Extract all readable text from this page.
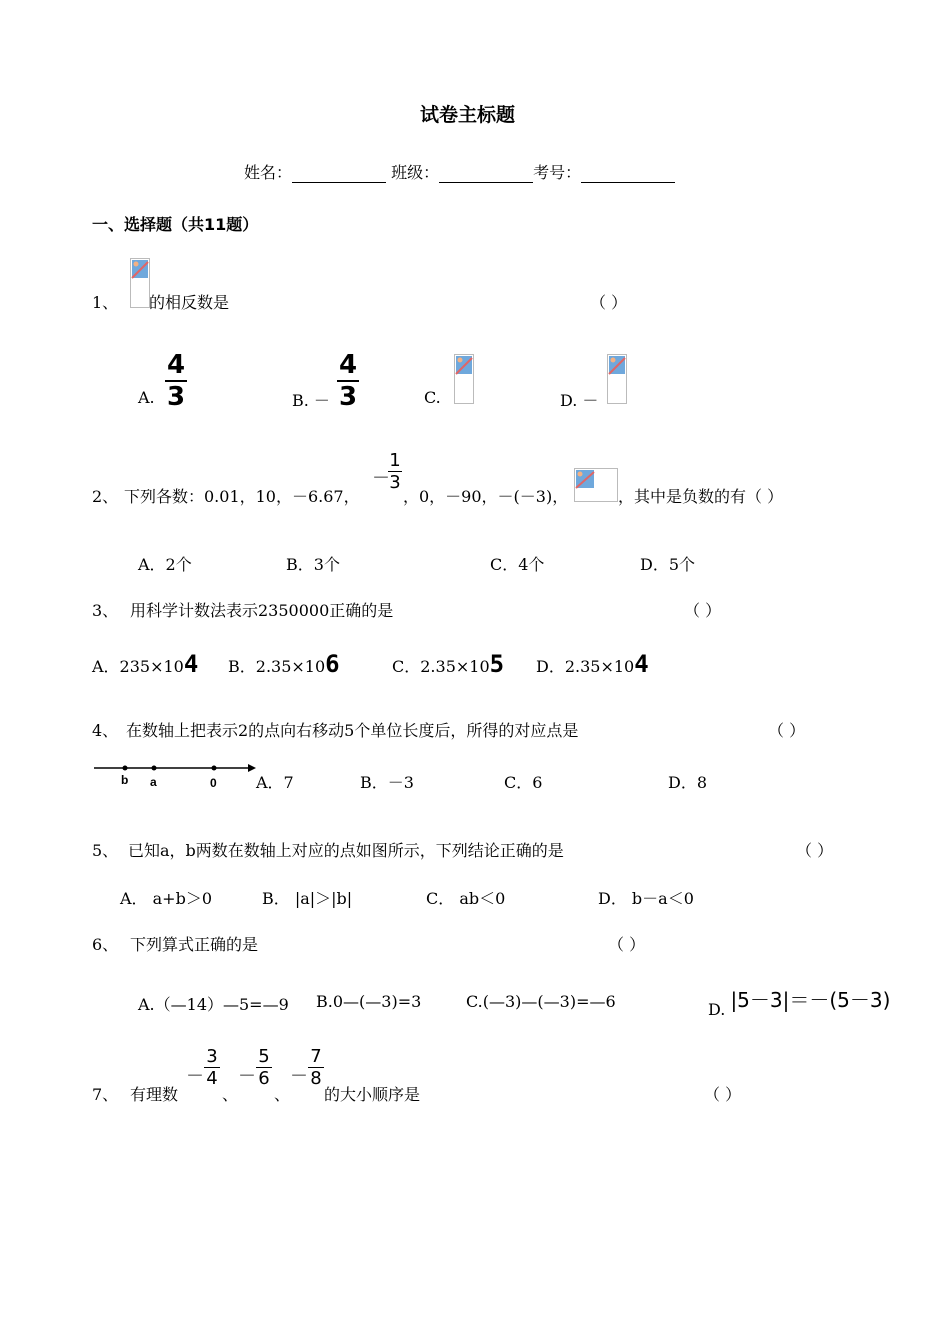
试卷主标题
姓名：	班级：	考号：
一、选择题（共11题）
1、 的相反数是	（ ）
A.
4
3	B. －
4
3	C.	D. －
2、 下列各数：0.01，10，－6.67，
－
1
3
，0，－90，－(－3)，	，其中是负数的有（ ）
A．2个	B．3个	C．4个	D．5个
3、 用科学计数法表示2350000正确的是	（ ）
A．235×104 B．2.35×106	C．2.35×105 D．2.35×104
4、 在数轴上把表示2的点向右移动5个单位长度后，所得的对应点是	（ ）
b a	0 A．7	B．－3	C．6	D．8
5、 已知a，b两数在数轴上对应的点如图所示，下列结论正确的是	（ ）
A． a+b＞0	B． |a|＞|b|	C． ab＜0	D． b－a＜0
6、 下列算式正确的是	（ ）
A.（—14）—5=—9 B.0—(—3)=3	C.(—3)—(—3)=—6	D. |5－3|＝－(5－3)
7、 有理数
－
3
4
、
－
5
6
、
－
7
8
的大小顺序是	（ ）
